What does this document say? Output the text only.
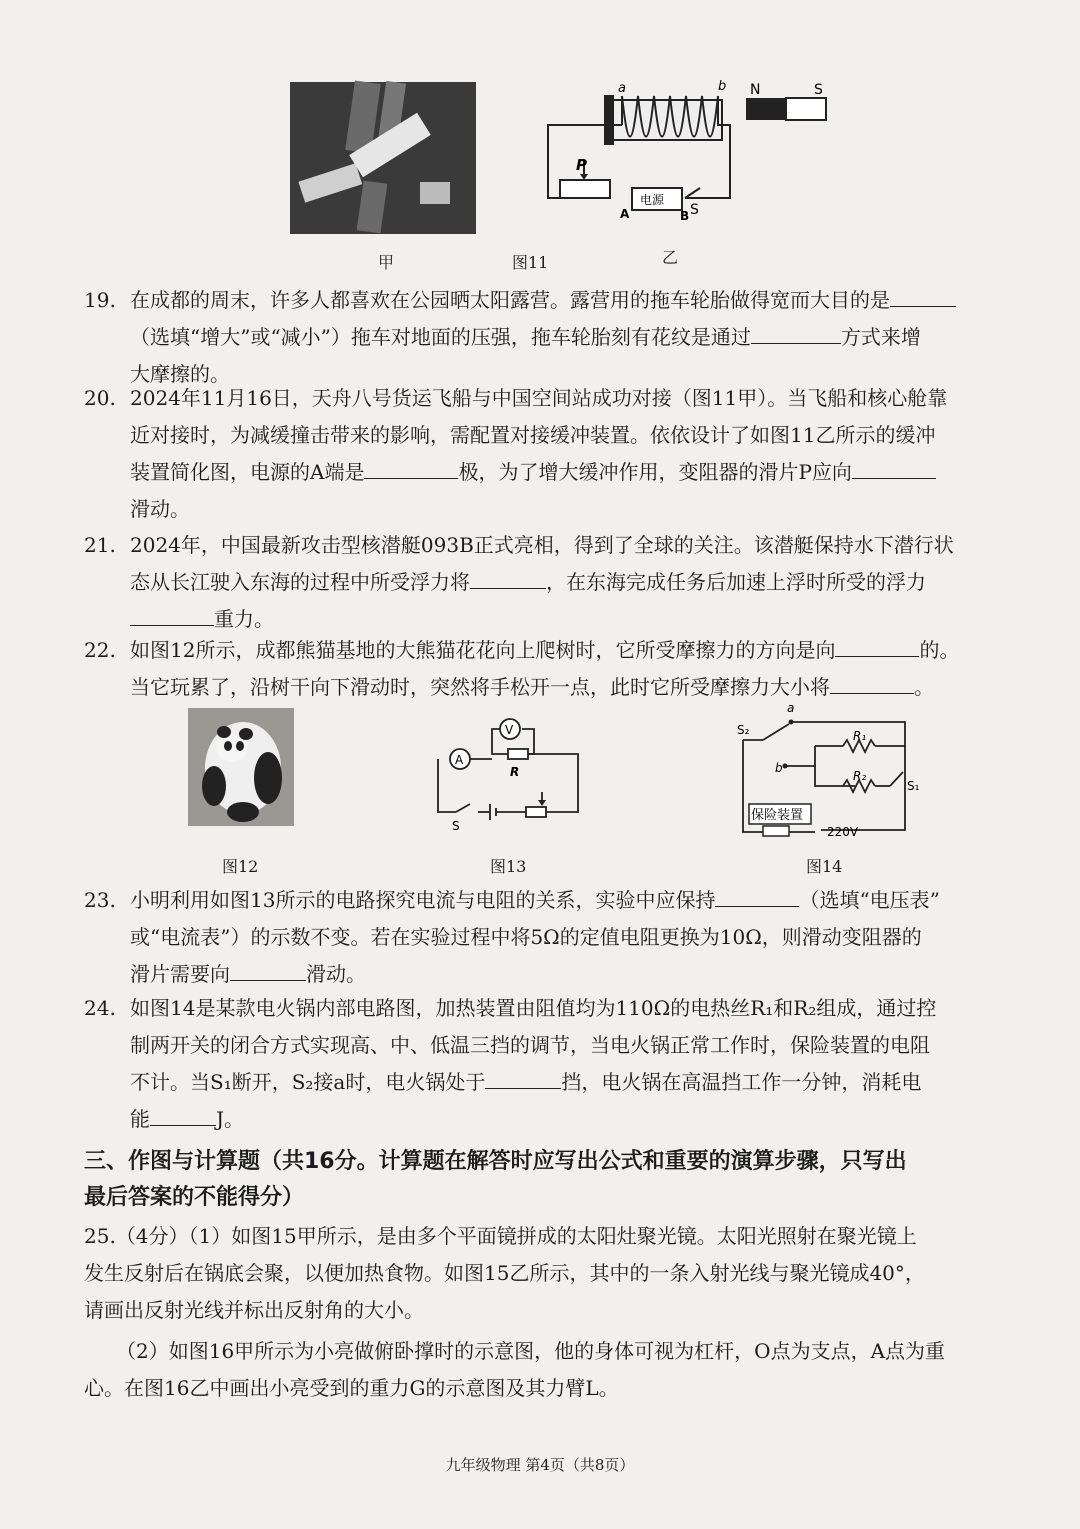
甲	图11	乙
a	b N	S
P
电源
A	B S
19. 在成都的周末，许多人都喜欢在公园晒太阳露营。露营用的拖车轮胎做得宽而大目的是
（选填“增大”或“减小”）拖车对地面的压强，拖车轮胎刻有花纹是通过	方式来增
大摩擦的。
20. 2024年11月16日，天舟八号货运飞船与中国空间站成功对接（图11甲）。当飞船和核心舱靠
近对接时，为减缓撞击带来的影响，需配置对接缓冲装置。依依设计了如图11乙所示的缓冲
装置简化图，电源的A端是	极，为了增大缓冲作用，变阻器的滑片P应向
滑动。
21. 2024年，中国最新攻击型核潜艇093B正式亮相，得到了全球的关注。该潜艇保持水下潜行状
态从长江驶入东海的过程中所受浮力将	，在东海完成任务后加速上浮时所受的浮力
重力。
22. 如图12所示，成都熊猫基地的大熊猫花花向上爬树时，它所受摩擦力的方向是向	的。
当它玩累了，沿树干向下滑动时，突然将手松开一点，此时它所受摩擦力大小将	。
图12
V
A
R
S
图13
a
b
S₂	R₁
R₂
S₁
保险装置
220V
图14
23. 小明利用如图13所示的电路探究电流与电阻的关系，实验中应保持	（选填“电压表”
或“电流表”）的示数不变。若在实验过程中将5Ω的定值电阻更换为10Ω，则滑动变阻器的
滑片需要向	滑动。
24. 如图14是某款电火锅内部电路图，加热装置由阻值均为110Ω的电热丝R₁和R₂组成，通过控
制两开关的闭合方式实现高、中、低温三挡的调节，当电火锅正常工作时，保险装置的电阻
不计。当S₁断开，S₂接a时，电火锅处于	挡，电火锅在高温挡工作一分钟，消耗电
能	J。
三、作图与计算题（共16分。计算题在解答时应写出公式和重要的演算步骤，只写出
最后答案的不能得分）
25.（4分）（1）如图15甲所示，是由多个平面镜拼成的太阳灶聚光镜。太阳光照射在聚光镜上
发生反射后在锅底会聚，以便加热食物。如图15乙所示，其中的一条入射光线与聚光镜成40°，
请画出反射光线并标出反射角的大小。
（2）如图16甲所示为小亮做俯卧撑时的示意图，他的身体可视为杠杆，O点为支点，A点为重
心。在图16乙中画出小亮受到的重力G的示意图及其力臂L。
九年级物理 第4页（共8页）
